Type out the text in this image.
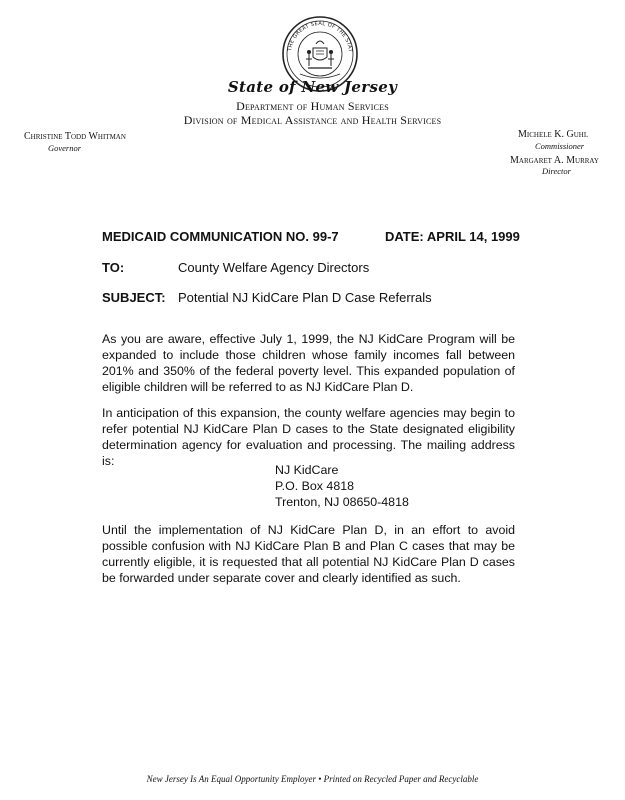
THE GREAT SEAL OF THE STAT
State of New Jersey
Department of Human Services
Division of Medical Assistance and Health Services
Christine Todd Whitman
Governor
Michele K. Guhl
Commissioner
Margaret A. Murray
Director
MEDICAID COMMUNICATION NO. 99-7	DATE: APRIL 14, 1999
TO:	County Welfare Agency Directors
SUBJECT: Potential NJ KidCare Plan D Case Referrals
As you are aware, effective July 1, 1999, the NJ KidCare Program will be expanded to include those children whose family incomes fall between 201% and 350% of the federal poverty level. This expanded population of eligible children will be referred to as NJ KidCare Plan D.
In anticipation of this expansion, the county welfare agencies may begin to refer potential NJ KidCare Plan D cases to the State designated eligibility determination agency for evaluation and processing. The mailing address is:
NJ KidCare
P.O. Box 4818
Trenton, NJ 08650-4818
Until the implementation of NJ KidCare Plan D, in an effort to avoid possible confusion with NJ KidCare Plan B and Plan C cases that may be currently eligible, it is requested that all potential NJ KidCare Plan D cases be forwarded under separate cover and clearly identified as such.
New Jersey Is An Equal Opportunity Employer • Printed on Recycled Paper and Recyclable
